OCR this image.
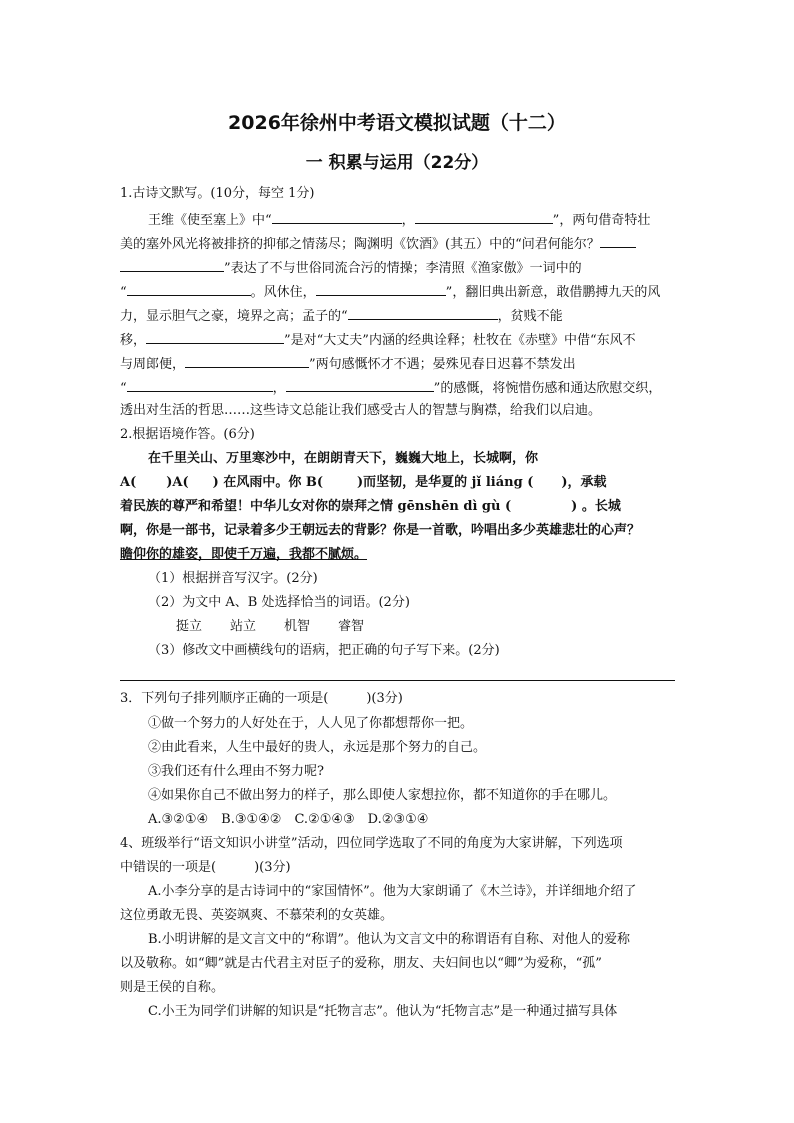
2026年徐州中考语文模拟试题（十二）
一 积累与运用（22分）
1.古诗文默写。(10分，每空 1分)
王维《使至塞上》中“	，	”，两句借奇特壮
美的塞外风光将被排挤的抑郁之情荡尽；陶渊明《饮酒》(其五）中的“问君何能尔？
”表达了不与世俗同流合污的情操；李清照《渔家傲》一词中的
“	。风休住，	”，翻旧典出新意，敢借鹏搏九天的风
力，显示胆气之豪，境界之高；孟子的“	，贫贱不能
移，	”是对“大丈夫”内涵的经典诠释；杜牧在《赤壁》中借“东风不
与周郎便，	”两句感慨怀才不遇；晏殊见春日迟暮不禁发出
“	，	”的感慨，将惋惜伤感和通达欣慰交织，
透出对生活的哲思……这些诗文总能让我们感受古人的智慧与胸襟，给我们以启迪。
2.根据语境作答。(6分)
在千里关山、万里寒沙中，在朗朗青天下，巍巍大地上，长城啊，你
A( )A( ) 在风雨中。你 B(	)而坚韧，是华夏的 jǐ liáng ( )，承载
着民族的尊严和希望！中华儿女对你的崇拜之情 gēnshēn dì gù (	) 。长城
啊，你是一部书，记录着多少王朝远去的背影？你是一首歌，吟唱出多少英雄悲壮的心声？
瞻仰你的雄姿，即使千万遍，我都不腻烦。
（1）根据拼音写汉字。(2分)
（2）为文中 A、B 处选择恰当的词语。(2分)
挺立 站立 机智 睿智
（3）修改文中画横线句的语病，把正确的句子写下来。(2分)
3．下列句子排列顺序正确的一项是(	)(3分)
①做一个努力的人好处在于，人人见了你都想帮你一把。
②由此看来，人生中最好的贵人，永远是那个努力的自己。
③我们还有什么理由不努力呢?
④如果你自己不做出努力的样子，那么即使人家想拉你，都不知道你的手在哪儿。
A.③②①④　B.③①④②　C.②①④③　D.②③①④
4、班级举行“语文知识小讲堂”活动，四位同学选取了不同的角度为大家讲解，下列选项
中错误的一项是(	)(3分)
A.小李分享的是古诗词中的“家国情怀”。他为大家朗诵了《木兰诗》，并详细地介绍了
这位勇敢无畏、英姿飒爽、不慕荣利的女英雄。
B.小明讲解的是文言文中的“称谓”。他认为文言文中的称谓语有自称、对他人的爱称
以及敬称。如“卿”就是古代君主对臣子的爱称，朋友、夫妇间也以“卿”为爱称，“孤”
则是王侯的自称。
C.小王为同学们讲解的知识是“托物言志”。他认为“托物言志”是一种通过描写具体
